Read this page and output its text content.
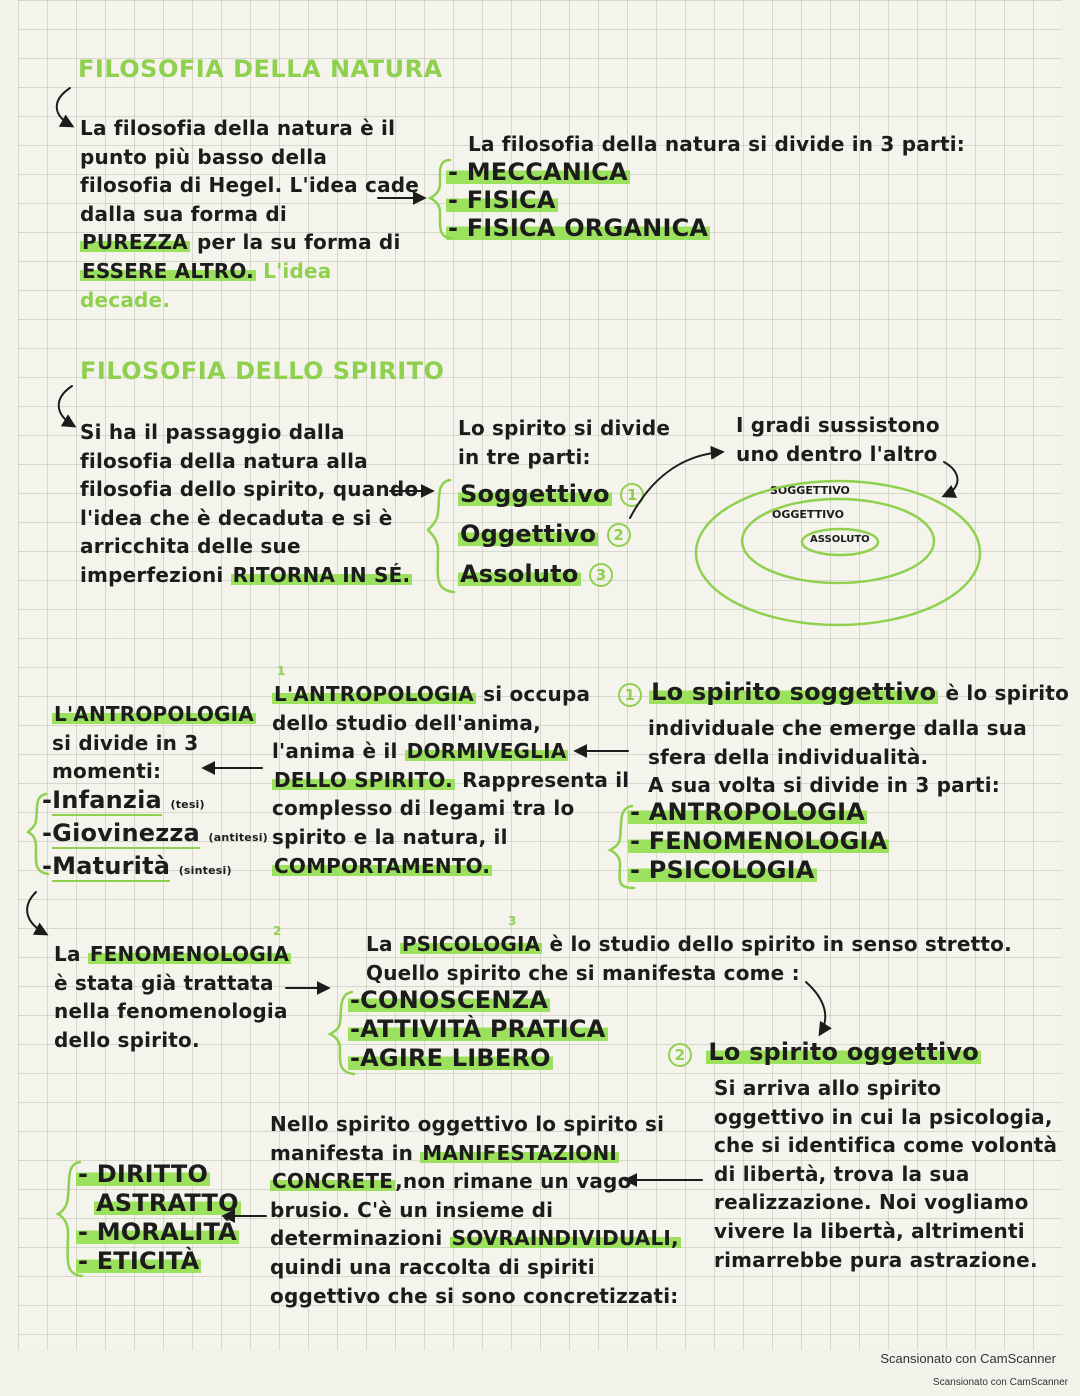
FILOSOFIA DELLA NATURA
La filosofia della natura è il
punto più basso della
filosofia di Hegel. L'idea cade
dalla sua forma di
PUREZZA per la su forma di
ESSERE ALTRO. L'idea
decade.
La filosofia della natura si divide in 3 parti:
- MECCANICA
- FISICA
- FISICA ORGANICA
FILOSOFIA DELLO SPIRITO
Si ha il passaggio dalla
filosofia della natura alla
filosofia dello spirito, quando
l'idea che è decaduta e si è
arricchita delle sue
imperfezioni RITORNA IN SÉ.
Lo spirito si divide
in tre parti:
Soggettivo 1
Oggettivo 2
Assoluto 3
I gradi sussistono
uno dentro l'altro
SOGGETTIVO
OGGETTIVO
ASSOLUTO
1 Lo spirito soggettivo è lo spirito
individuale che emerge dalla sua
sfera della individualità.
A sua volta si divide in 3 parti:
- ANTROPOLOGIA
- FENOMENOLOGIA
- PSICOLOGIA
1
L'ANTROPOLOGIA si occupa
dello studio dell'anima,
l'anima è il DORMIVEGLIA
DELLO SPIRITO. Rappresenta il
complesso di legami tra lo
spirito e la natura, il
COMPORTAMENTO.
L'ANTROPOLOGIA
si divide in 3
momenti:
-Infanzia (tesi)
-Giovinezza (antitesi)
-Maturità (sintesi)
2
La FENOMENOLOGIA
è stata già trattata
nella fenomenologia
dello spirito.
3
La PSICOLOGIA è lo studio dello spirito in senso stretto.
Quello spirito che si manifesta come :
-CONOSCENZA
-ATTIVITÀ PRATICA
-AGIRE LIBERO	2 Lo spirito oggettivo
Si arriva allo spirito
oggettivo in cui la psicologia,
che si identifica come volontà
di libertà, trova la sua
realizzazione. Noi vogliamo
vivere la libertà, altrimenti
rimarrebbe pura astrazione.
Nello spirito oggettivo lo spirito si
manifesta in MANIFESTAZIONI
CONCRETE ,non rimane un vago
brusio. C'è un insieme di
determinazioni SOVRAINDIVIDUALI,
quindi una raccolta di spiriti
oggettivo che si sono concretizzati:
- DIRITTO
ASTRATTO
- MORALITÀ
- ETICITÀ
Scansionato con CamScanner
Scansionato con CamScanner
